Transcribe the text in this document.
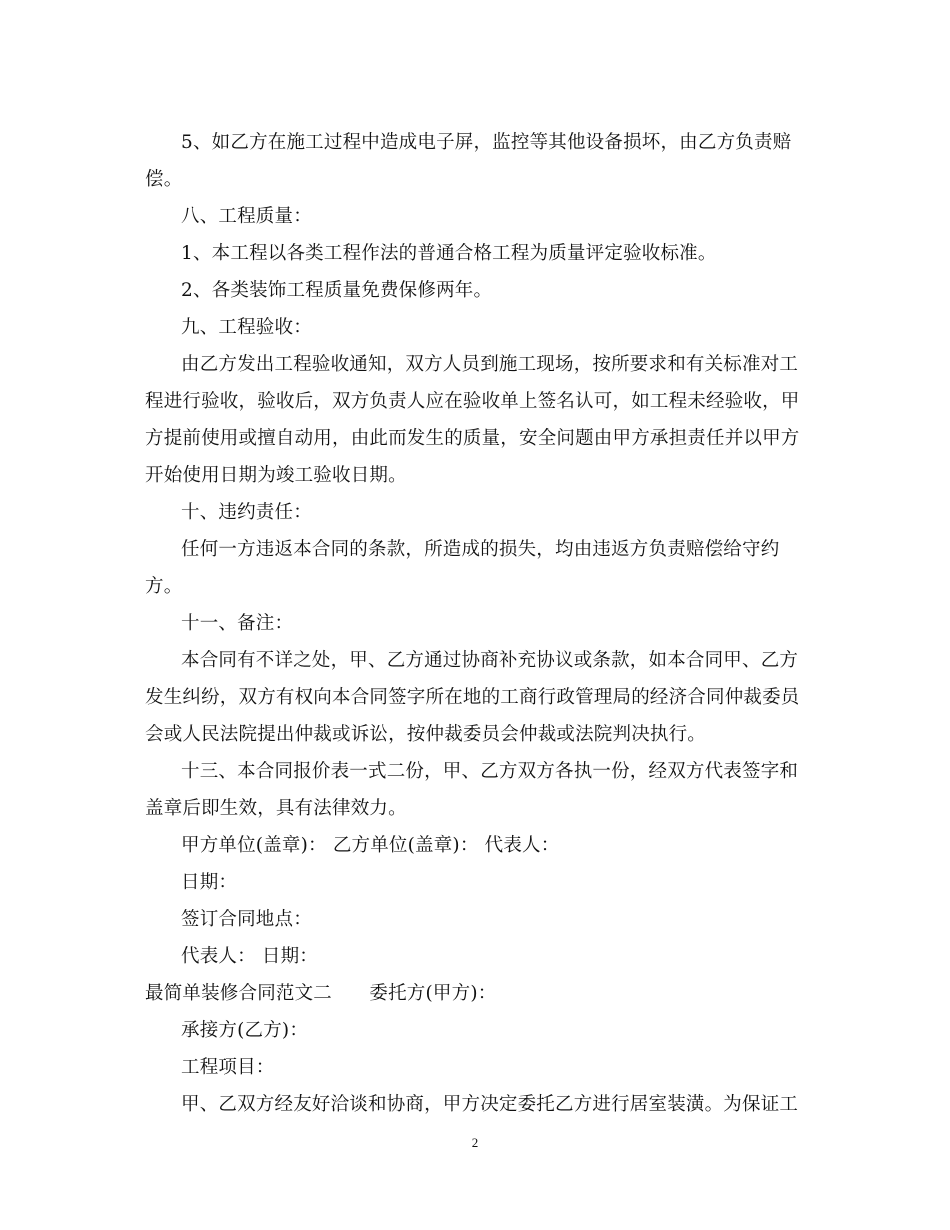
5、如乙方在施工过程中造成电子屏，监控等其他设备损坏，由乙方负责赔
偿。
八、工程质量：
1、本工程以各类工程作法的普通合格工程为质量评定验收标准。
2、各类装饰工程质量免费保修两年。
九、工程验收：
由乙方发出工程验收通知，双方人员到施工现场，按所要求和有关标准对工
程进行验收，验收后，双方负责人应在验收单上签名认可，如工程未经验收，甲
方提前使用或擅自动用，由此而发生的质量，安全问题由甲方承担责任并以甲方
开始使用日期为竣工验收日期。
十、违约责任：
任何一方违返本合同的条款，所造成的损失，均由违返方负责赔偿给守约
方。
十一、备注：
本合同有不详之处，甲、乙方通过协商补充协议或条款，如本合同甲、乙方
发生纠纷，双方有权向本合同签字所在地的工商行政管理局的经济合同仲裁委员
会或人民法院提出仲裁或诉讼，按仲裁委员会仲裁或法院判决执行。
十三、本合同报价表一式二份，甲、乙方双方各执一份，经双方代表签字和
盖章后即生效，具有法律效力。
甲方单位(盖章)： 乙方单位(盖章)： 代表人：
日期：
签订合同地点：
代表人： 日期：
最简单装修合同范文二　　委托方(甲方)：
承接方(乙方)：
工程项目：
甲、乙双方经友好洽谈和协商，甲方决定委托乙方进行居室装潢。为保证工
2
